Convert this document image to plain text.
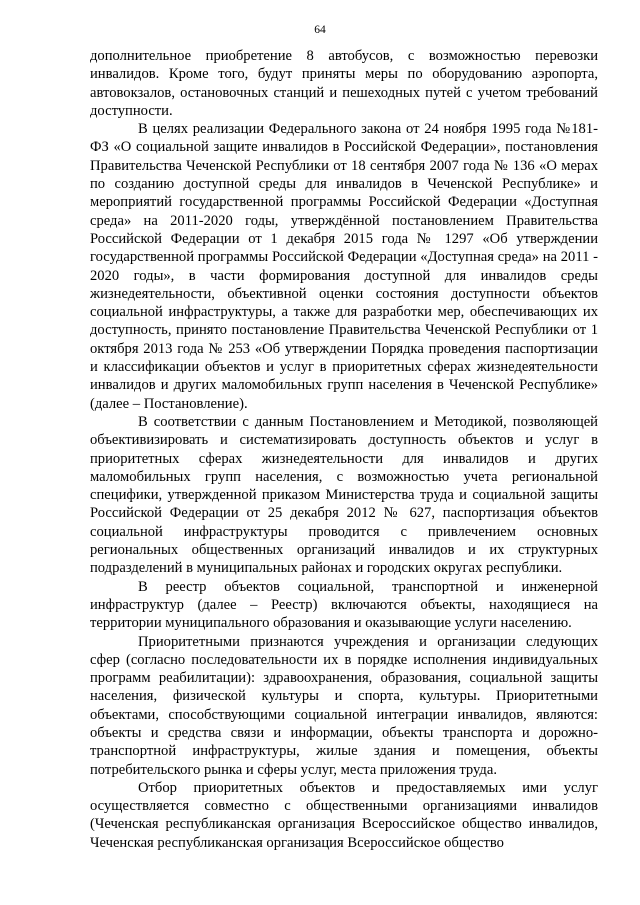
64

дополнительное приобретение 8 автобусов, с возможностью перевозки инвалидов. Кроме того, будут приняты меры по оборудованию аэропорта, автовокзалов, остановочных станций и пешеходных путей с учетом требований доступности.

В целях реализации Федерального закона от 24 ноября 1995 года №181-ФЗ «О социальной защите инвалидов в Российской Федерации», постановления Правительства Чеченской Республики от 18 сентября 2007 года № 136 «О мерах по созданию доступной среды для инвалидов в Чеченской Республике» и мероприятий государственной программы Российской Федерации «Доступная среда» на 2011-2020 годы, утверждённой постановлением Правительства Российской Федерации от 1 декабря 2015 года № 1297 «Об утверждении государственной программы Российской Федерации «Доступная среда» на 2011 - 2020 годы», в части формирования доступной для инвалидов среды жизнедеятельности, объективной оценки состояния доступности объектов социальной инфраструктуры, а также для разработки мер, обеспечивающих их доступность, принято постановление Правительства Чеченской Республики от 1 октября 2013 года № 253 «Об утверждении Порядка проведения паспортизации и классификации объектов и услуг в приоритетных сферах жизнедеятельности инвалидов и других маломобильных групп населения в Чеченской Республике» (далее – Постановление).

В соответствии с данным Постановлением и Методикой, позволяющей объективизировать и систематизировать доступность объектов и услуг в приоритетных сферах жизнедеятельности для инвалидов и других маломобильных групп населения, с возможностью учета региональной специфики, утвержденной приказом Министерства труда и социальной защиты Российской Федерации от 25 декабря 2012 № 627, паспортизация объектов социальной инфраструктуры проводится с привлечением основных региональных общественных организаций инвалидов и их структурных подразделений в муниципальных районах и городских округах республики.

В реестр объектов социальной, транспортной и инженерной инфраструктур (далее – Реестр) включаются объекты, находящиеся на территории муниципального образования и оказывающие услуги населению.

Приоритетными признаются учреждения и организации следующих сфер (согласно последовательности их в порядке исполнения индивидуальных программ реабилитации): здравоохранения, образования, социальной защиты населения, физической культуры и спорта, культуры. Приоритетными объектами, способствующими социальной интеграции инвалидов, являются: объекты и средства связи и информации, объекты транспорта и дорожно-транспортной инфраструктуры, жилые здания и помещения, объекты потребительского рынка и сферы услуг, места приложения труда.

Отбор приоритетных объектов и предоставляемых ими услуг осуществляется совместно с общественными организациями инвалидов (Чеченская республиканская организация Всероссийское общество инвалидов, Чеченская республиканская организация Всероссийское общество
